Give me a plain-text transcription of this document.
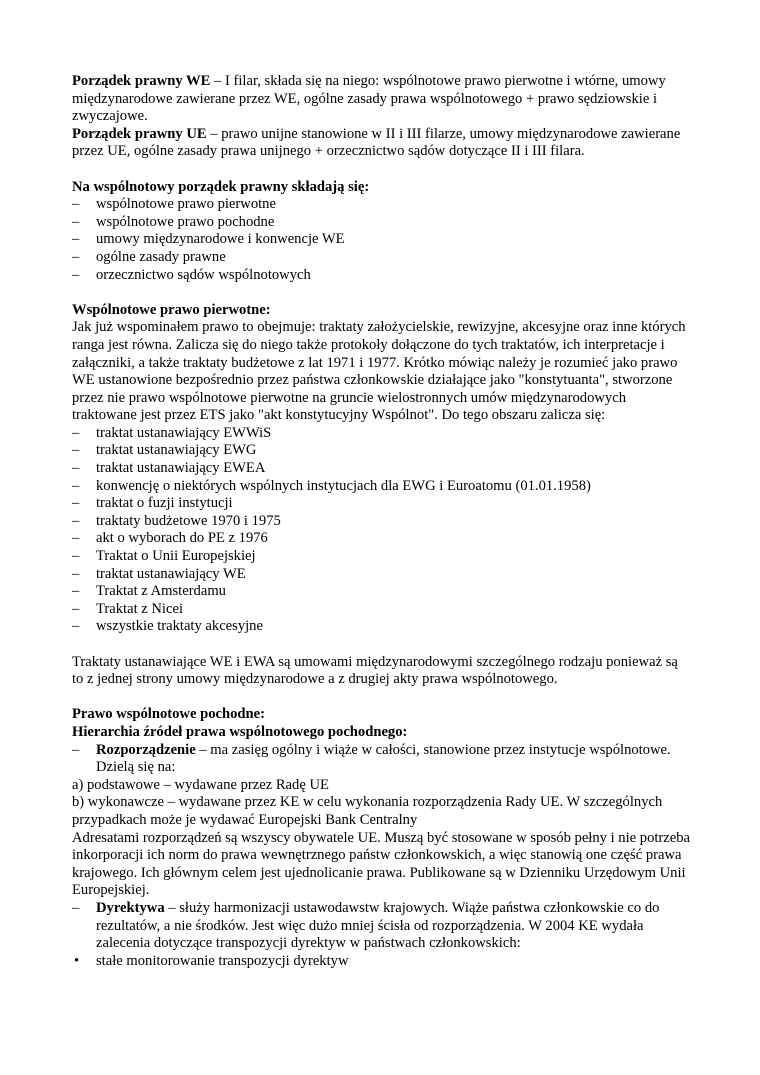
Porządek prawny WE – I filar, składa się na niego: wspólnotowe prawo pierwotne i wtórne, umowy międzynarodowe zawierane przez WE, ogólne zasady prawa wspólnotowego + prawo sędziowskie i zwyczajowe.

Porządek prawny UE – prawo unijne stanowione w II i III filarze, umowy międzynarodowe zawierane przez UE, ogólne zasady prawa unijnego + orzecznictwo sądów dotyczące II i III filara.

Na wspólnotowy porządek prawny składają się:

– wspólnotowe prawo pierwotne
– wspólnotowe prawo pochodne
– umowy międzynarodowe i konwencje WE
– ogólne zasady prawne
– orzecznictwo sądów wspólnotowych

Wspólnotowe prawo pierwotne:

Jak już wspominałem prawo to obejmuje: traktaty założycielskie, rewizyjne, akcesyjne oraz inne których ranga jest równa. Zalicza się do niego także protokoły dołączone do tych traktatów, ich interpretacje i załączniki, a także traktaty budżetowe z lat 1971 i 1977. Krótko mówiąc należy je rozumieć jako prawo WE ustanowione bezpośrednio przez państwa członkowskie działające jako "konstytuanta", stworzone przez nie prawo wspólnotowe pierwotne na gruncie wielostronnych umów międzynarodowych traktowane jest przez ETS jako "akt konstytucyjny Wspólnot". Do tego obszaru zalicza się:

– traktat ustanawiający EWWiS
– traktat ustanawiający EWG
– traktat ustanawiający EWEA
– konwencję o niektórych wspólnych instytucjach dla EWG i Euroatomu (01.01.1958)
– traktat o fuzji instytucji
– traktaty budżetowe 1970 i 1975
– akt o wyborach do PE z 1976
– Traktat o Unii Europejskiej
– traktat ustanawiający WE
– Traktat z Amsterdamu
– Traktat z Nicei
– wszystkie traktaty akcesyjne

Traktaty ustanawiające WE i EWA są umowami międzynarodowymi szczególnego rodzaju ponieważ są to z jednej strony umowy międzynarodowe a z drugiej akty prawa wspólnotowego.

Prawo wspólnotowe pochodne:

Hierarchia źródeł prawa wspólnotowego pochodnego:

– Rozporządzenie – ma zasięg ogólny i wiąże w całości, stanowione przez instytucje wspólnotowe. Dzielą się na:

a) podstawowe – wydawane przez Radę UE

b) wykonawcze – wydawane przez KE w celu wykonania rozporządzenia Rady UE. W szczególnych przypadkach może je wydawać Europejski Bank Centralny

Adresatami rozporządzeń są wszyscy obywatele UE. Muszą być stosowane w sposób pełny i nie potrzeba inkorporacji ich norm do prawa wewnętrznego państw członkowskich, a więc stanowią one część prawa krajowego. Ich głównym celem jest ujednolicanie prawa. Publikowane są w Dzienniku Urzędowym Unii Europejskiej.

– Dyrektywa – służy harmonizacji ustawodawstw krajowych. Wiąże państwa członkowskie co do rezultatów, a nie środków. Jest więc dużo mniej ścisła od rozporządzenia. W 2004 KE wydała zalecenia dotyczące transpozycji dyrektyw w państwach członkowskich:
• stałe monitorowanie transpozycji dyrektyw
